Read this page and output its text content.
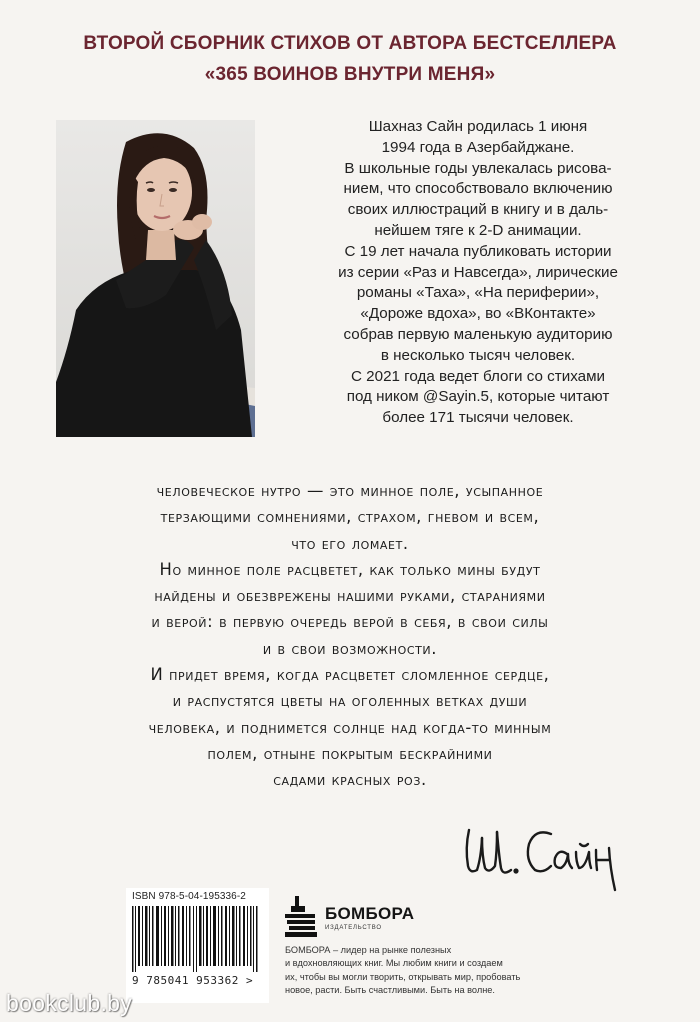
ВТОРОЙ СБОРНИК СТИХОВ ОТ АВТОРА БЕСТСЕЛЛЕРА
«365 ВОИНОВ ВНУТРИ МЕНЯ»
Шахназ Сайн родилась 1 июня
1994 года в Азербайджане.
В школьные годы увлекалась рисова-
нием, что способствовало включению
своих иллюстраций в книгу и в даль-
нейшем тяге к 2-D анимации.
С 19 лет начала публиковать истории
из серии «Раз и Навсегда», лирические
романы «Таха», «На периферии»,
«Дороже вдоха», во «ВКонтакте»
собрав первую маленькую аудиторию
в несколько тысяч человек.
С 2021 года ведет блоги со стихами
под ником @Sayin.5, которые читают
более 171 тысячи человек.
человеческое нутро — это минное поле, усыпанное
терзающими сомнениями, страхом, гневом и всем,
что его ломает.
Но минное поле расцветет, как только мины будут
найдены и обезврежены нашими руками, стараниями
и верой: в первую очередь верой в себя, в свои силы
и в свои возможности.
И придет время, когда расцветет сломленное сердце,
и распустятся цветы на оголенных ветках души
человека, и поднимется солнце над когда-то минным
полем, отныне покрытым бескрайними
садами красных роз.
ISBN 978-5-04-195336-2
9 785041 953362 >
БОМБОРА
ИЗДАТЕЛЬСТВО
БОМБОРА – лидер на рынке полезных
и вдохновляющих книг. Мы любим книги и создаем
их, чтобы вы могли творить, открывать мир, пробовать
новое, расти. Быть счастливыми. Быть на волне.
bookclub.by
